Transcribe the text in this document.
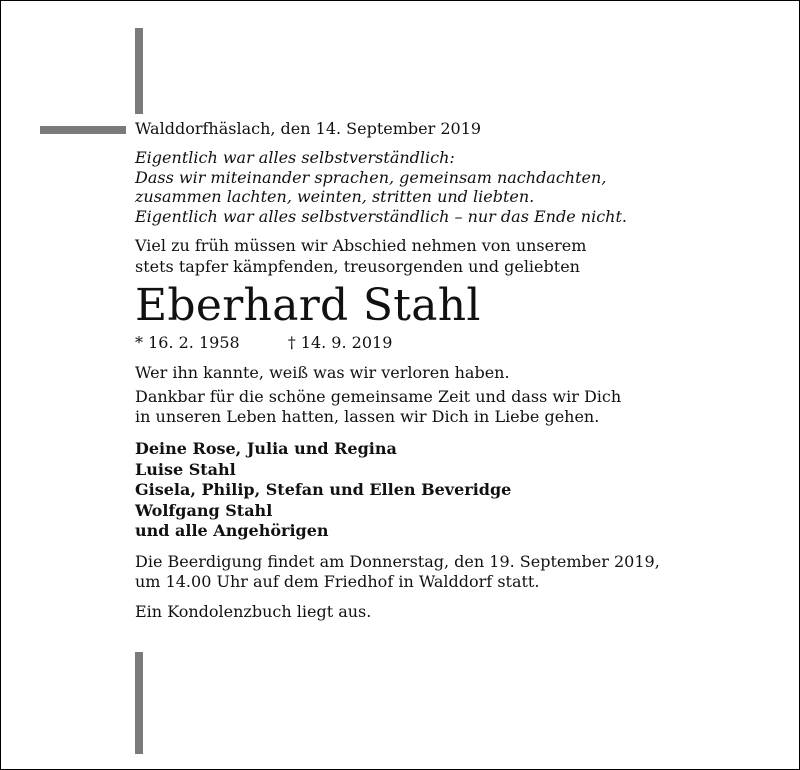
Walddorfhäslach, den 14. September 2019

Eigentlich war alles selbstverständlich:
Dass wir miteinander sprachen, gemeinsam nachdachten,
zusammen lachten, weinten, stritten und liebten.
Eigentlich war alles selbstverständlich – nur das Ende nicht.
Viel zu früh müssen wir Abschied nehmen von unserem
stets tapfer kämpfenden, treusorgenden und geliebten
Eberhard Stahl
* 16. 2. 1958	† 14. 9. 2019

Wer ihn kannte, weiß was wir verloren haben.

Dankbar für die schöne gemeinsame Zeit und dass wir Dich
in unseren Leben hatten, lassen wir Dich in Liebe gehen.
Deine Rose, Julia und Regina
Luise Stahl
Gisela, Philip, Stefan und Ellen Beveridge
Wolfgang Stahl
und alle Angehörigen
Die Beerdigung findet am Donnerstag, den 19. September 2019,
um 14.00 Uhr auf dem Friedhof in Walddorf statt.

Ein Kondolenzbuch liegt aus.
